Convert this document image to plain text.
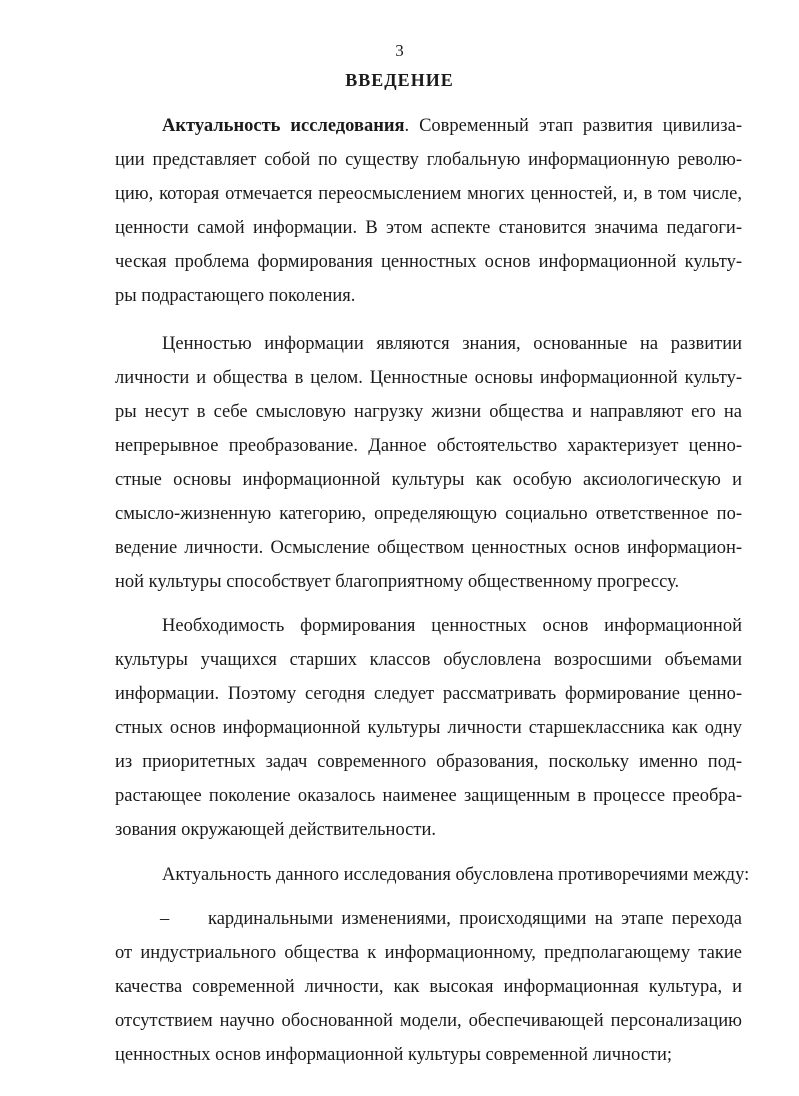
3
ВВЕДЕНИЕ
Актуальность исследования. Современный этап развития цивилиза-
ции представляет собой по существу глобальную информационную револю-
цию, которая отмечается переосмыслением многих ценностей, и, в том числе,
ценности самой информации. В этом аспекте становится значима педагоги-
ческая проблема формирования ценностных основ информационной культу-
ры подрастающего поколения.
Ценностью информации являются знания, основанные на развитии
личности и общества в целом. Ценностные основы информационной культу-
ры несут в себе смысловую нагрузку жизни общества и направляют его на
непрерывное преобразование. Данное обстоятельство характеризует ценно-
стные основы информационной культуры как особую аксиологическую и
смысло-жизненную категорию, определяющую социально ответственное по-
ведение личности. Осмысление обществом ценностных основ информацион-
ной культуры способствует благоприятному общественному прогрессу.
Необходимость формирования ценностных основ информационной
культуры учащихся старших классов обусловлена возросшими объемами
информации. Поэтому сегодня следует рассматривать формирование ценно-
стных основ информационной культуры личности старшеклассника как одну
из приоритетных задач современного образования, поскольку именно под-
растающее поколение оказалось наименее защищенным в процессе преобра-
зования окружающей действительности.
Актуальность данного исследования обусловлена противоречиями между:
–	кардинальными изменениями, происходящими на этапе перехода
от индустриального общества к информационному, предполагающему такие
качества современной личности, как высокая информационная культура, и
отсутствием научно обоснованной модели, обеспечивающей персонализацию
ценностных основ информационной культуры современной личности;
